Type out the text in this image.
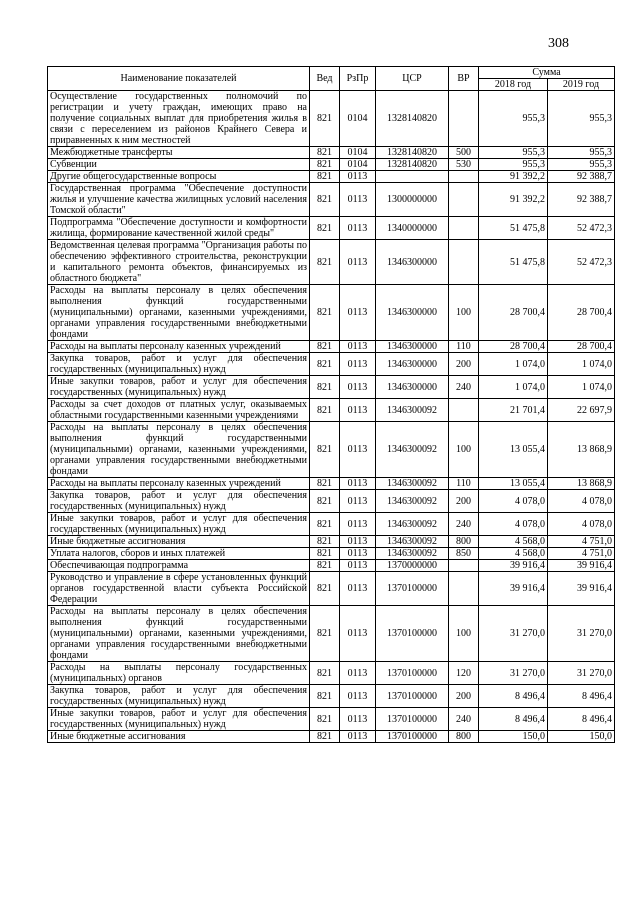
308
Наименование показателей	Вед	РзПр	ЦСР	ВР	Сумма	
					2018 год	2019 год
Осуществление государственных полномочий по регистрации и учету граждан, имеющих право на получение социальных выплат для приобретения жилья в связи с переселением из районов Крайнего Севера и приравненных к ним местностей	821	0104	1328140820		955,3	955,3
Межбюджетные трансферты	821	0104	1328140820	500	955,3	955,3
Субвенции	821	0104	1328140820	530	955,3	955,3
Другие общегосударственные вопросы	821	0113			91 392,2	92 388,7
Государственная программа "Обеспечение доступности жилья и улучшение качества жилищных условий населения Томской области"	821	0113	1300000000		91 392,2	92 388,7
Подпрограмма "Обеспечение доступности и комфортности жилища, формирование качественной жилой среды"	821	0113	1340000000		51 475,8	52 472,3
Ведомственная целевая программа "Организация работы по обеспечению эффективного строительства, реконструкции и капитального ремонта объектов, финансируемых из областного бюджета"	821	0113	1346300000		51 475,8	52 472,3
Расходы на выплаты персоналу в целях обеспечения выполнения функций государственными (муниципальными) органами, казенными учреждениями, органами управления государственными внебюджетными фондами	821	0113	1346300000	100	28 700,4	28 700,4
Расходы на выплаты персоналу казенных учреждений	821	0113	1346300000	110	28 700,4	28 700,4
Закупка товаров, работ и услуг для обеспечения государственных (муниципальных) нужд	821	0113	1346300000	200	1 074,0	1 074,0
Иные закупки товаров, работ и услуг для обеспечения государственных (муниципальных) нужд	821	0113	1346300000	240	1 074,0	1 074,0
Расходы за счет доходов от платных услуг, оказываемых областными государственными казенными учреждениями	821	0113	1346300092		21 701,4	22 697,9
Расходы на выплаты персоналу в целях обеспечения выполнения функций государственными (муниципальными) органами, казенными учреждениями, органами управления государственными внебюджетными фондами	821	0113	1346300092	100	13 055,4	13 868,9
Расходы на выплаты персоналу казенных учреждений	821	0113	1346300092	110	13 055,4	13 868,9
Закупка товаров, работ и услуг для обеспечения государственных (муниципальных) нужд	821	0113	1346300092	200	4 078,0	4 078,0
Иные закупки товаров, работ и услуг для обеспечения государственных (муниципальных) нужд	821	0113	1346300092	240	4 078,0	4 078,0
Иные бюджетные ассигнования	821	0113	1346300092	800	4 568,0	4 751,0
Уплата налогов, сборов и иных платежей	821	0113	1346300092	850	4 568,0	4 751,0
Обеспечивающая подпрограмма	821	0113	1370000000		39 916,4	39 916,4
Руководство и управление в сфере установленных функций органов государственной власти субъекта Российской Федерации	821	0113	1370100000		39 916,4	39 916,4
Расходы на выплаты персоналу в целях обеспечения выполнения функций государственными (муниципальными) органами, казенными учреждениями, органами управления государственными внебюджетными фондами	821	0113	1370100000	100	31 270,0	31 270,0
Расходы на выплаты персоналу государственных (муниципальных) органов	821	0113	1370100000	120	31 270,0	31 270,0
Закупка товаров, работ и услуг для обеспечения государственных (муниципальных) нужд	821	0113	1370100000	200	8 496,4	8 496,4
Иные закупки товаров, работ и услуг для обеспечения государственных (муниципальных) нужд	821	0113	1370100000	240	8 496,4	8 496,4
Иные бюджетные ассигнования	821	0113	1370100000	800	150,0	150,0
